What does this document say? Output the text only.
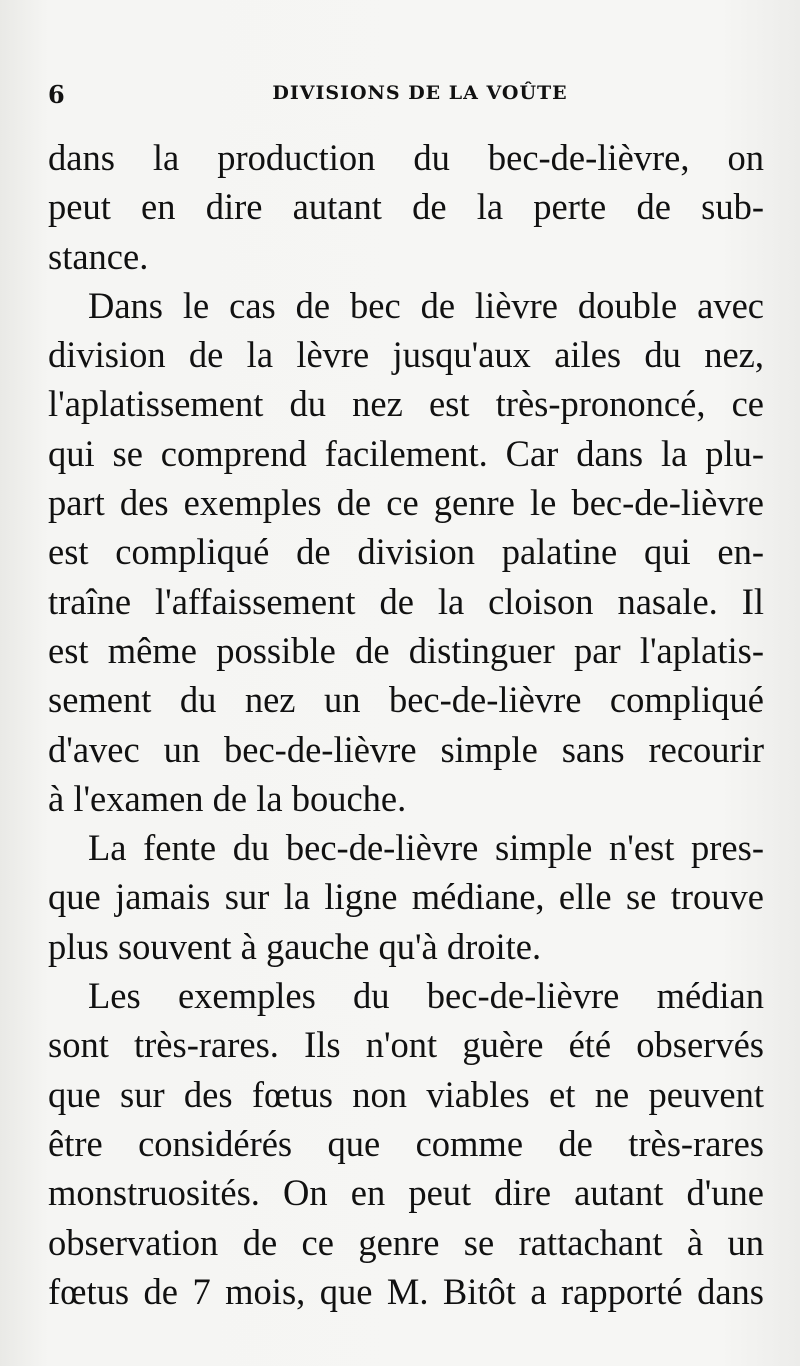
6	DIVISIONS DE LA VOÛTE
dans la production du bec-de-lièvre, on
peut en dire autant de la perte de sub-
stance.
Dans le cas de bec de lièvre double avec
division de la lèvre jusqu'aux ailes du nez,
l'aplatissement du nez est très-prononcé, ce
qui se comprend facilement. Car dans la plu-
part des exemples de ce genre le bec-de-lièvre
est compliqué de division palatine qui en-
traîne l'affaissement de la cloison nasale. Il
est même possible de distinguer par l'aplatis-
sement du nez un bec-de-lièvre compliqué
d'avec un bec-de-lièvre simple sans recourir
à l'examen de la bouche.
La fente du bec-de-lièvre simple n'est pres-
que jamais sur la ligne médiane, elle se trouve
plus souvent à gauche qu'à droite.
Les exemples du bec-de-lièvre médian
sont très-rares. Ils n'ont guère été observés
que sur des fœtus non viables et ne peuvent
être considérés que comme de très-rares
monstruosités. On en peut dire autant d'une
observation de ce genre se rattachant à un
fœtus de 7 mois, que M. Bitôt a rapporté dans
